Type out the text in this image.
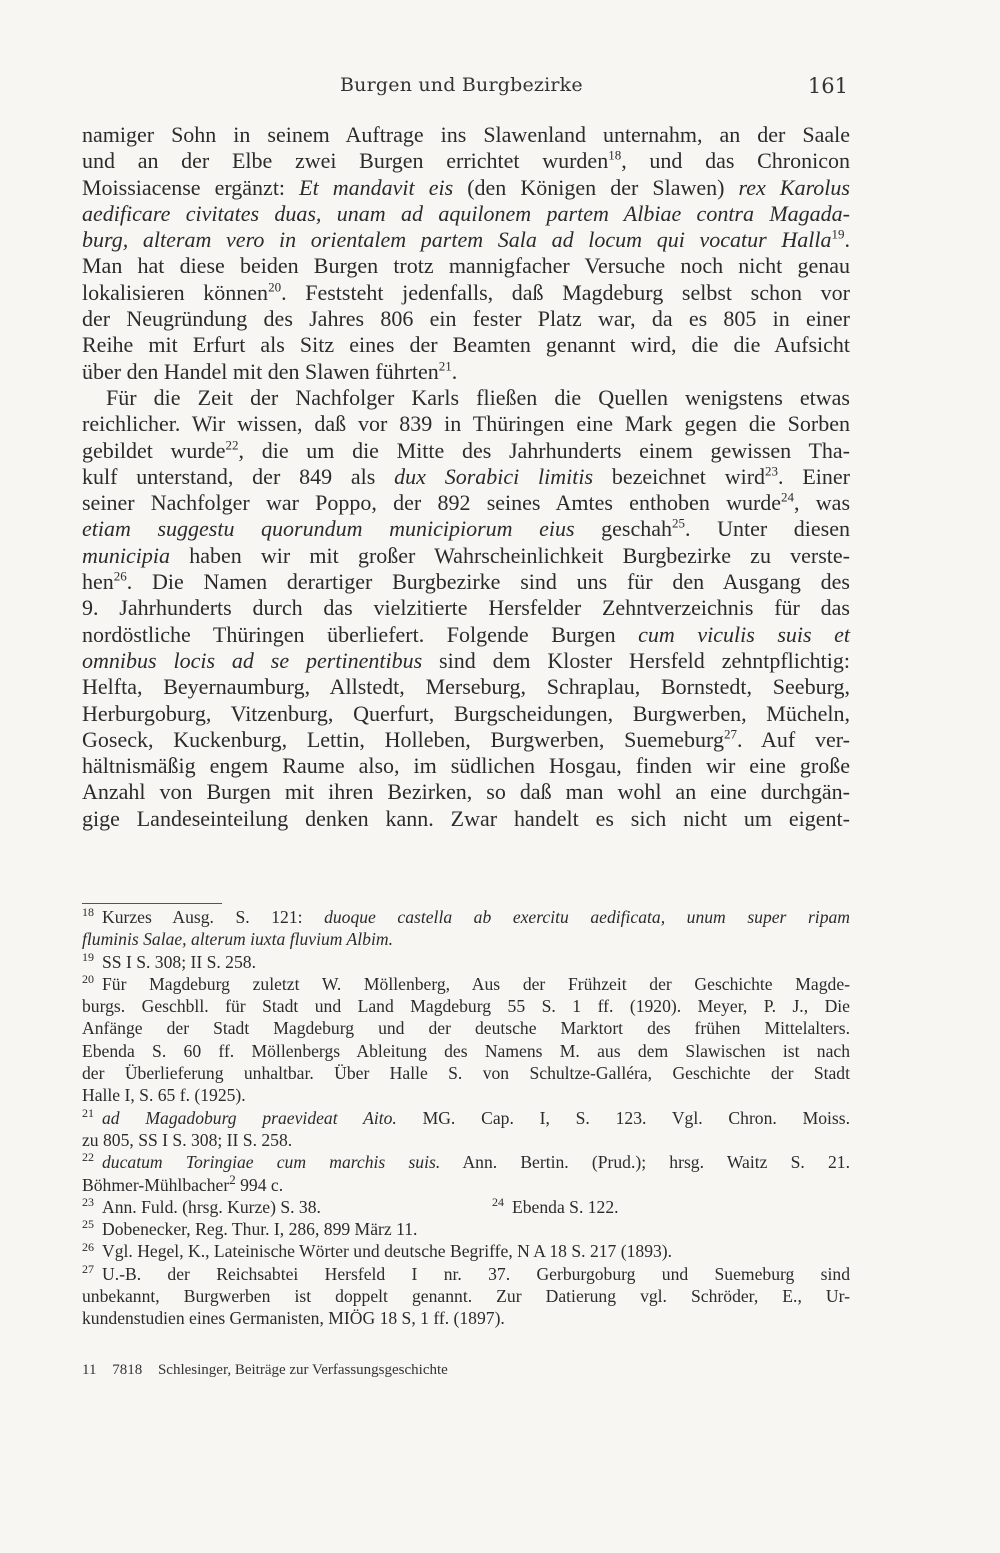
Burgen und Burgbezirke	161
namiger Sohn in seinem Auftrage ins Slawenland unternahm, an der Saale
und an der Elbe zwei Burgen errichtet wurden$^{18}$, und das Chronicon
Moissiacense ergänzt: Et mandavit eis (den Königen der Slawen) rex Karolus
aedificare civitates duas, unam ad aquilonem partem Albiae contra Magada-
burg, alteram vero in orientalem partem Sala ad locum qui vocatur Halla$^{19}$.
Man hat diese beiden Burgen trotz mannigfacher Versuche noch nicht genau
lokalisieren können$^{20}$. Feststeht jedenfalls, daß Magdeburg selbst schon vor
der Neugründung des Jahres 806 ein fester Platz war, da es 805 in einer
Reihe mit Erfurt als Sitz eines der Beamten genannt wird, die die Aufsicht
über den Handel mit den Slawen führten$^{21}$.
Für die Zeit der Nachfolger Karls fließen die Quellen wenigstens etwas
reichlicher. Wir wissen, daß vor 839 in Thüringen eine Mark gegen die Sorben
gebildet wurde$^{22}$, die um die Mitte des Jahrhunderts einem gewissen Tha-
kulf unterstand, der 849 als dux Sorabici limitis bezeichnet wird$^{23}$. Einer
seiner Nachfolger war Poppo, der 892 seines Amtes enthoben wurde$^{24}$, was
etiam suggestu quorundum municipiorum eius geschah$^{25}$. Unter diesen
municipia haben wir mit großer Wahrscheinlichkeit Burgbezirke zu verste-
hen$^{26}$. Die Namen derartiger Burgbezirke sind uns für den Ausgang des
9. Jahrhunderts durch das vielzitierte Hersfelder Zehntverzeichnis für das
nordöstliche Thüringen überliefert. Folgende Burgen cum viculis suis et
omnibus locis ad se pertinentibus sind dem Kloster Hersfeld zehntpflichtig:
Helfta, Beyernaumburg, Allstedt, Merseburg, Schraplau, Bornstedt, Seeburg,
Herburgoburg, Vitzenburg, Querfurt, Burgscheidungen, Burgwerben, Mücheln,
Goseck, Kuckenburg, Lettin, Holleben, Burgwerben, Suemeburg$^{27}$. Auf ver-
hältnismäßig engem Raume also, im südlichen Hosgau, finden wir eine große
Anzahl von Burgen mit ihren Bezirken, so daß man wohl an eine durchgän-
gige Landeseinteilung denken kann. Zwar handelt es sich nicht um eigent-
$^{18}$ Kurzes Ausg. S. 121: duoque castella ab exercitu aedificata, unum super ripam
fluminis Salae, alterum iuxta fluvium Albim.
$^{19}$ SS I S. 308; II S. 258.
$^{20}$ Für Magdeburg zuletzt W. Möllenberg, Aus der Frühzeit der Geschichte Magde-
burgs. Geschbll. für Stadt und Land Magdeburg 55 S. 1 ff. (1920). Meyer, P. J., Die
Anfänge der Stadt Magdeburg und der deutsche Marktort des frühen Mittelalters.
Ebenda S. 60 ff. Möllenbergs Ableitung des Namens M. aus dem Slawischen ist nach
der Überlieferung unhaltbar. Über Halle S. von Schultze-Galléra, Geschichte der Stadt
Halle I, S. 65 f. (1925).
$^{21}$ ad Magadoburg praevideat Aito. MG. Cap. I, S. 123. Vgl. Chron. Moiss.
zu 805, SS I S. 308; II S. 258.
$^{22}$ ducatum Toringiae cum marchis suis. Ann. Bertin. (Prud.); hrsg. Waitz S. 21.
Böhmer-Mühlbacher$^2$ 994 c.
$^{23}$ Ann. Fuld. (hrsg. Kurze) S. 38.	$^{24}$ Ebenda S. 122.
$^{25}$ Dobenecker, Reg. Thur. I, 286, 899 März 11.
$^{26}$ Vgl. Hegel, K., Lateinische Wörter und deutsche Begriffe, N A 18 S. 217 (1893).
$^{27}$ U.-B. der Reichsabtei Hersfeld I nr. 37. Gerburgoburg und Suemeburg sind
unbekannt, Burgwerben ist doppelt genannt. Zur Datierung vgl. Schröder, E., Ur-
kundenstudien eines Germanisten, MIÖG 18 S, 1 ff. (1897).
11 7818 Schlesinger, Beiträge zur Verfassungsgeschichte
